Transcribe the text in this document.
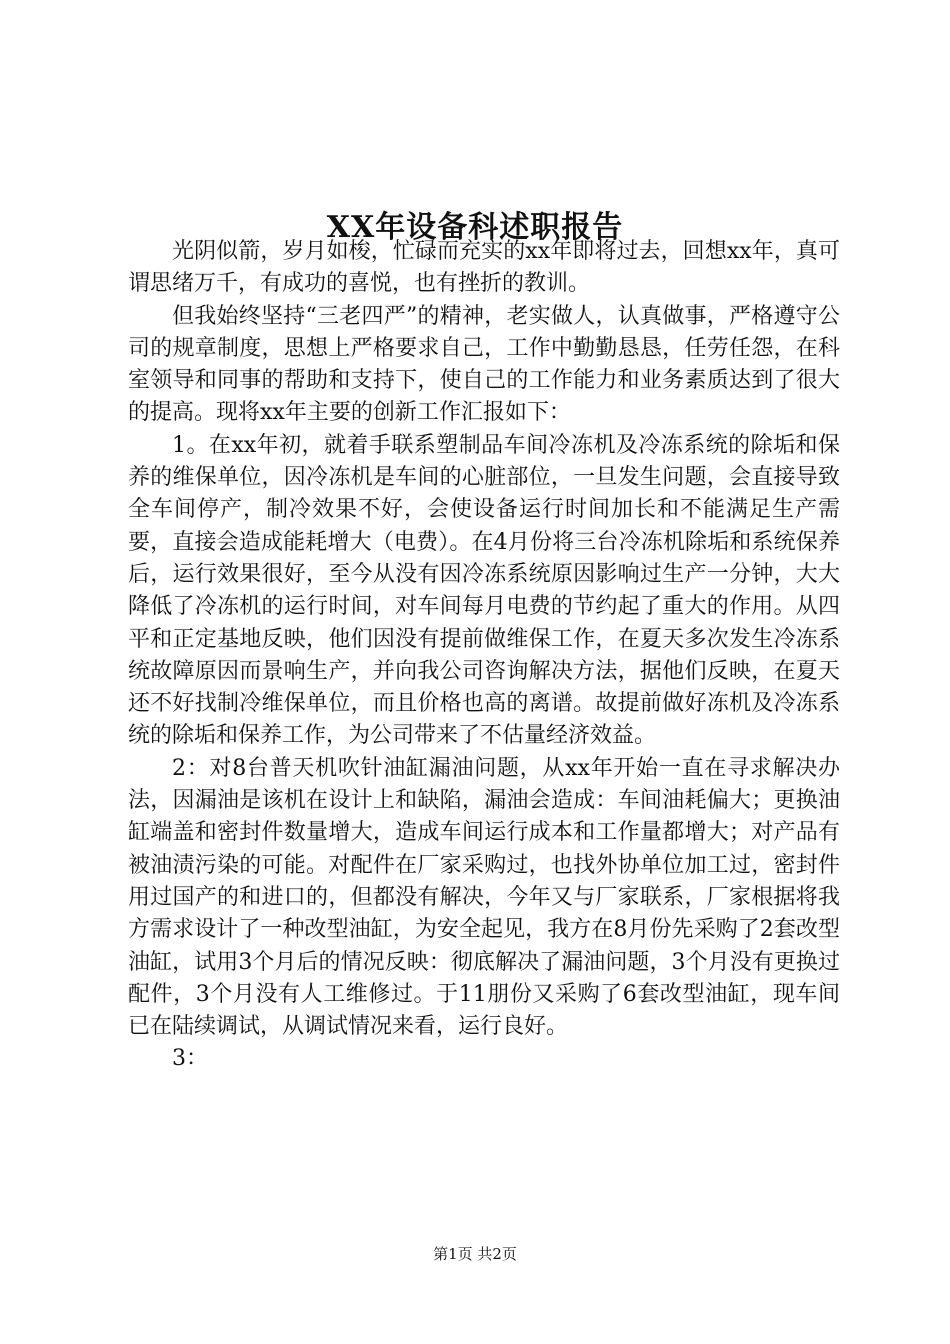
XX年设备科述职报告

光阴似箭，岁月如梭，忙碌而充实的xx年即将过去，回想xx年，真可谓思绪万千，有成功的喜悦，也有挫折的教训。

但我始终坚持“三老四严”的精神，老实做人，认真做事，严格遵守公司的规章制度，思想上严格要求自己，工作中勤勤恳恳，任劳任怨，在科室领导和同事的帮助和支持下，使自己的工作能力和业务素质达到了很大的提高。现将xx年主要的创新工作汇报如下：

1。在xx年初，就着手联系塑制品车间冷冻机及冷冻系统的除垢和保养的维保单位，因冷冻机是车间的心脏部位，一旦发生问题，会直接导致全车间停产，制冷效果不好，会使设备运行时间加长和不能满足生产需要，直接会造成能耗增大（电费）。在4月份将三台冷冻机除垢和系统保养后，运行效果很好，至今从没有因冷冻系统原因影响过生产一分钟，大大降低了冷冻机的运行时间，对车间每月电费的节约起了重大的作用。从四平和正定基地反映，他们因没有提前做维保工作，在夏天多次发生冷冻系统故障原因而景响生产，并向我公司咨询解决方法，据他们反映，在夏天还不好找制冷维保单位，而且价格也高的离谱。故提前做好冻机及冷冻系统的除垢和保养工作，为公司带来了不估量经济效益。

2：对8台普天机吹针油缸漏油问题，从xx年开始一直在寻求解决办法，因漏油是该机在设计上和缺陷，漏油会造成：车间油耗偏大；更换油缸端盖和密封件数量增大，造成车间运行成本和工作量都增大；对产品有被油渍污染的可能。对配件在厂家采购过，也找外协单位加工过，密封件用过国产的和进口的，但都没有解决，今年又与厂家联系，厂家根据将我方需求设计了一种改型油缸，为安全起见，我方在8月份先采购了2套改型油缸，试用3个月后的情况反映：彻底解决了漏油问题，3个月没有更换过配件，3个月没有人工维修过。于11朋份又采购了6套改型油缸，现车间已在陆续调试，从调试情况来看，运行良好。

3：

第1页 共2页
